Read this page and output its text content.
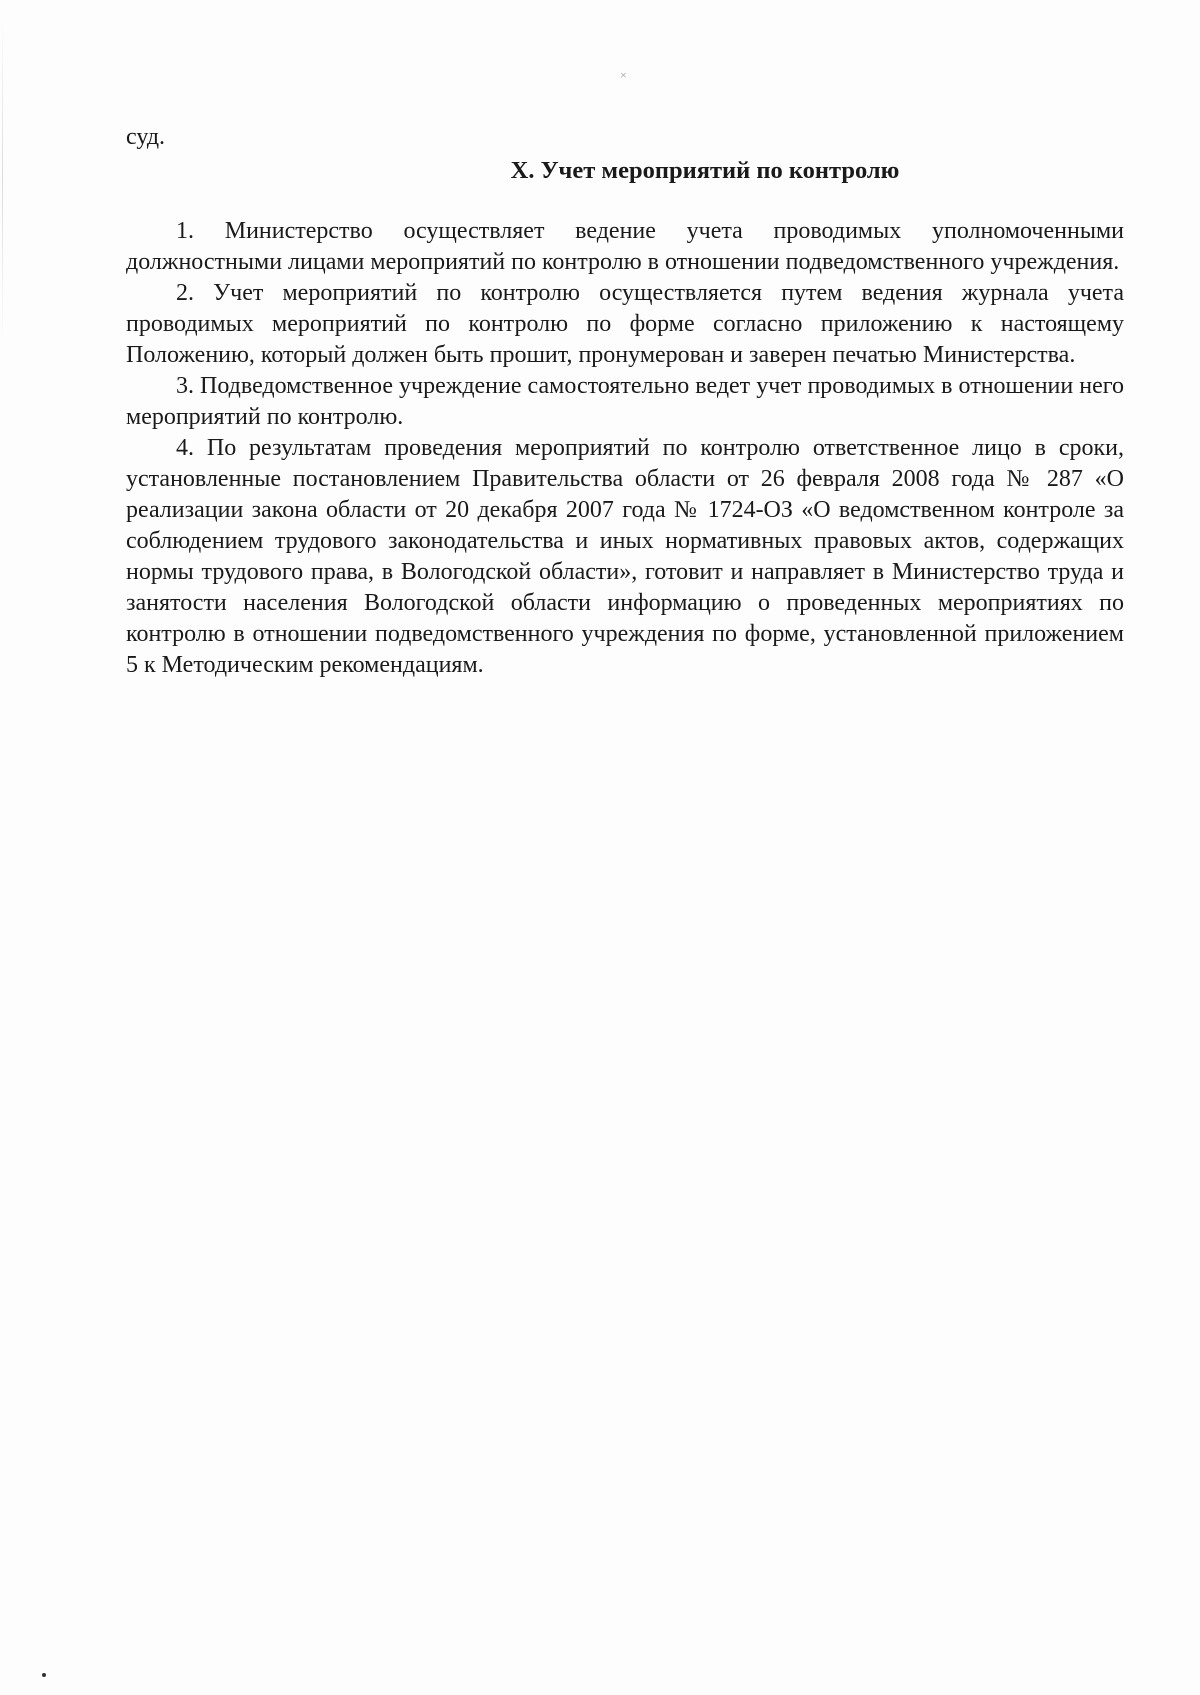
×

суд.

X. Учет мероприятий по контролю

1. Министерство осуществляет ведение учета проводимых уполномоченными должностными лицами мероприятий по контролю в отношении подведомственного учреждения.

2. Учет мероприятий по контролю осуществляется путем ведения журнала учета проводимых мероприятий по контролю по форме согласно приложению к настоящему Положению, который должен быть прошит, пронумерован и заверен печатью Министерства.

3. Подведомственное учреждение самостоятельно ведет учет проводимых в отношении него мероприятий по контролю.

4. По результатам проведения мероприятий по контролю ответственное лицо в сроки, установленные постановлением Правительства области от 26 февраля 2008 года № 287 «О реализации закона области от 20 декабря 2007 года № 1724-ОЗ «О ведомственном контроле за соблюдением трудового законодательства и иных нормативных правовых актов, содержащих нормы трудового права, в Вологодской области», готовит и направляет в Министерство труда и занятости населения Вологодской области информацию о проведенных мероприятиях по контролю в отношении подведомственного учреждения по форме, установленной приложением 5 к Методическим рекомендациям.
